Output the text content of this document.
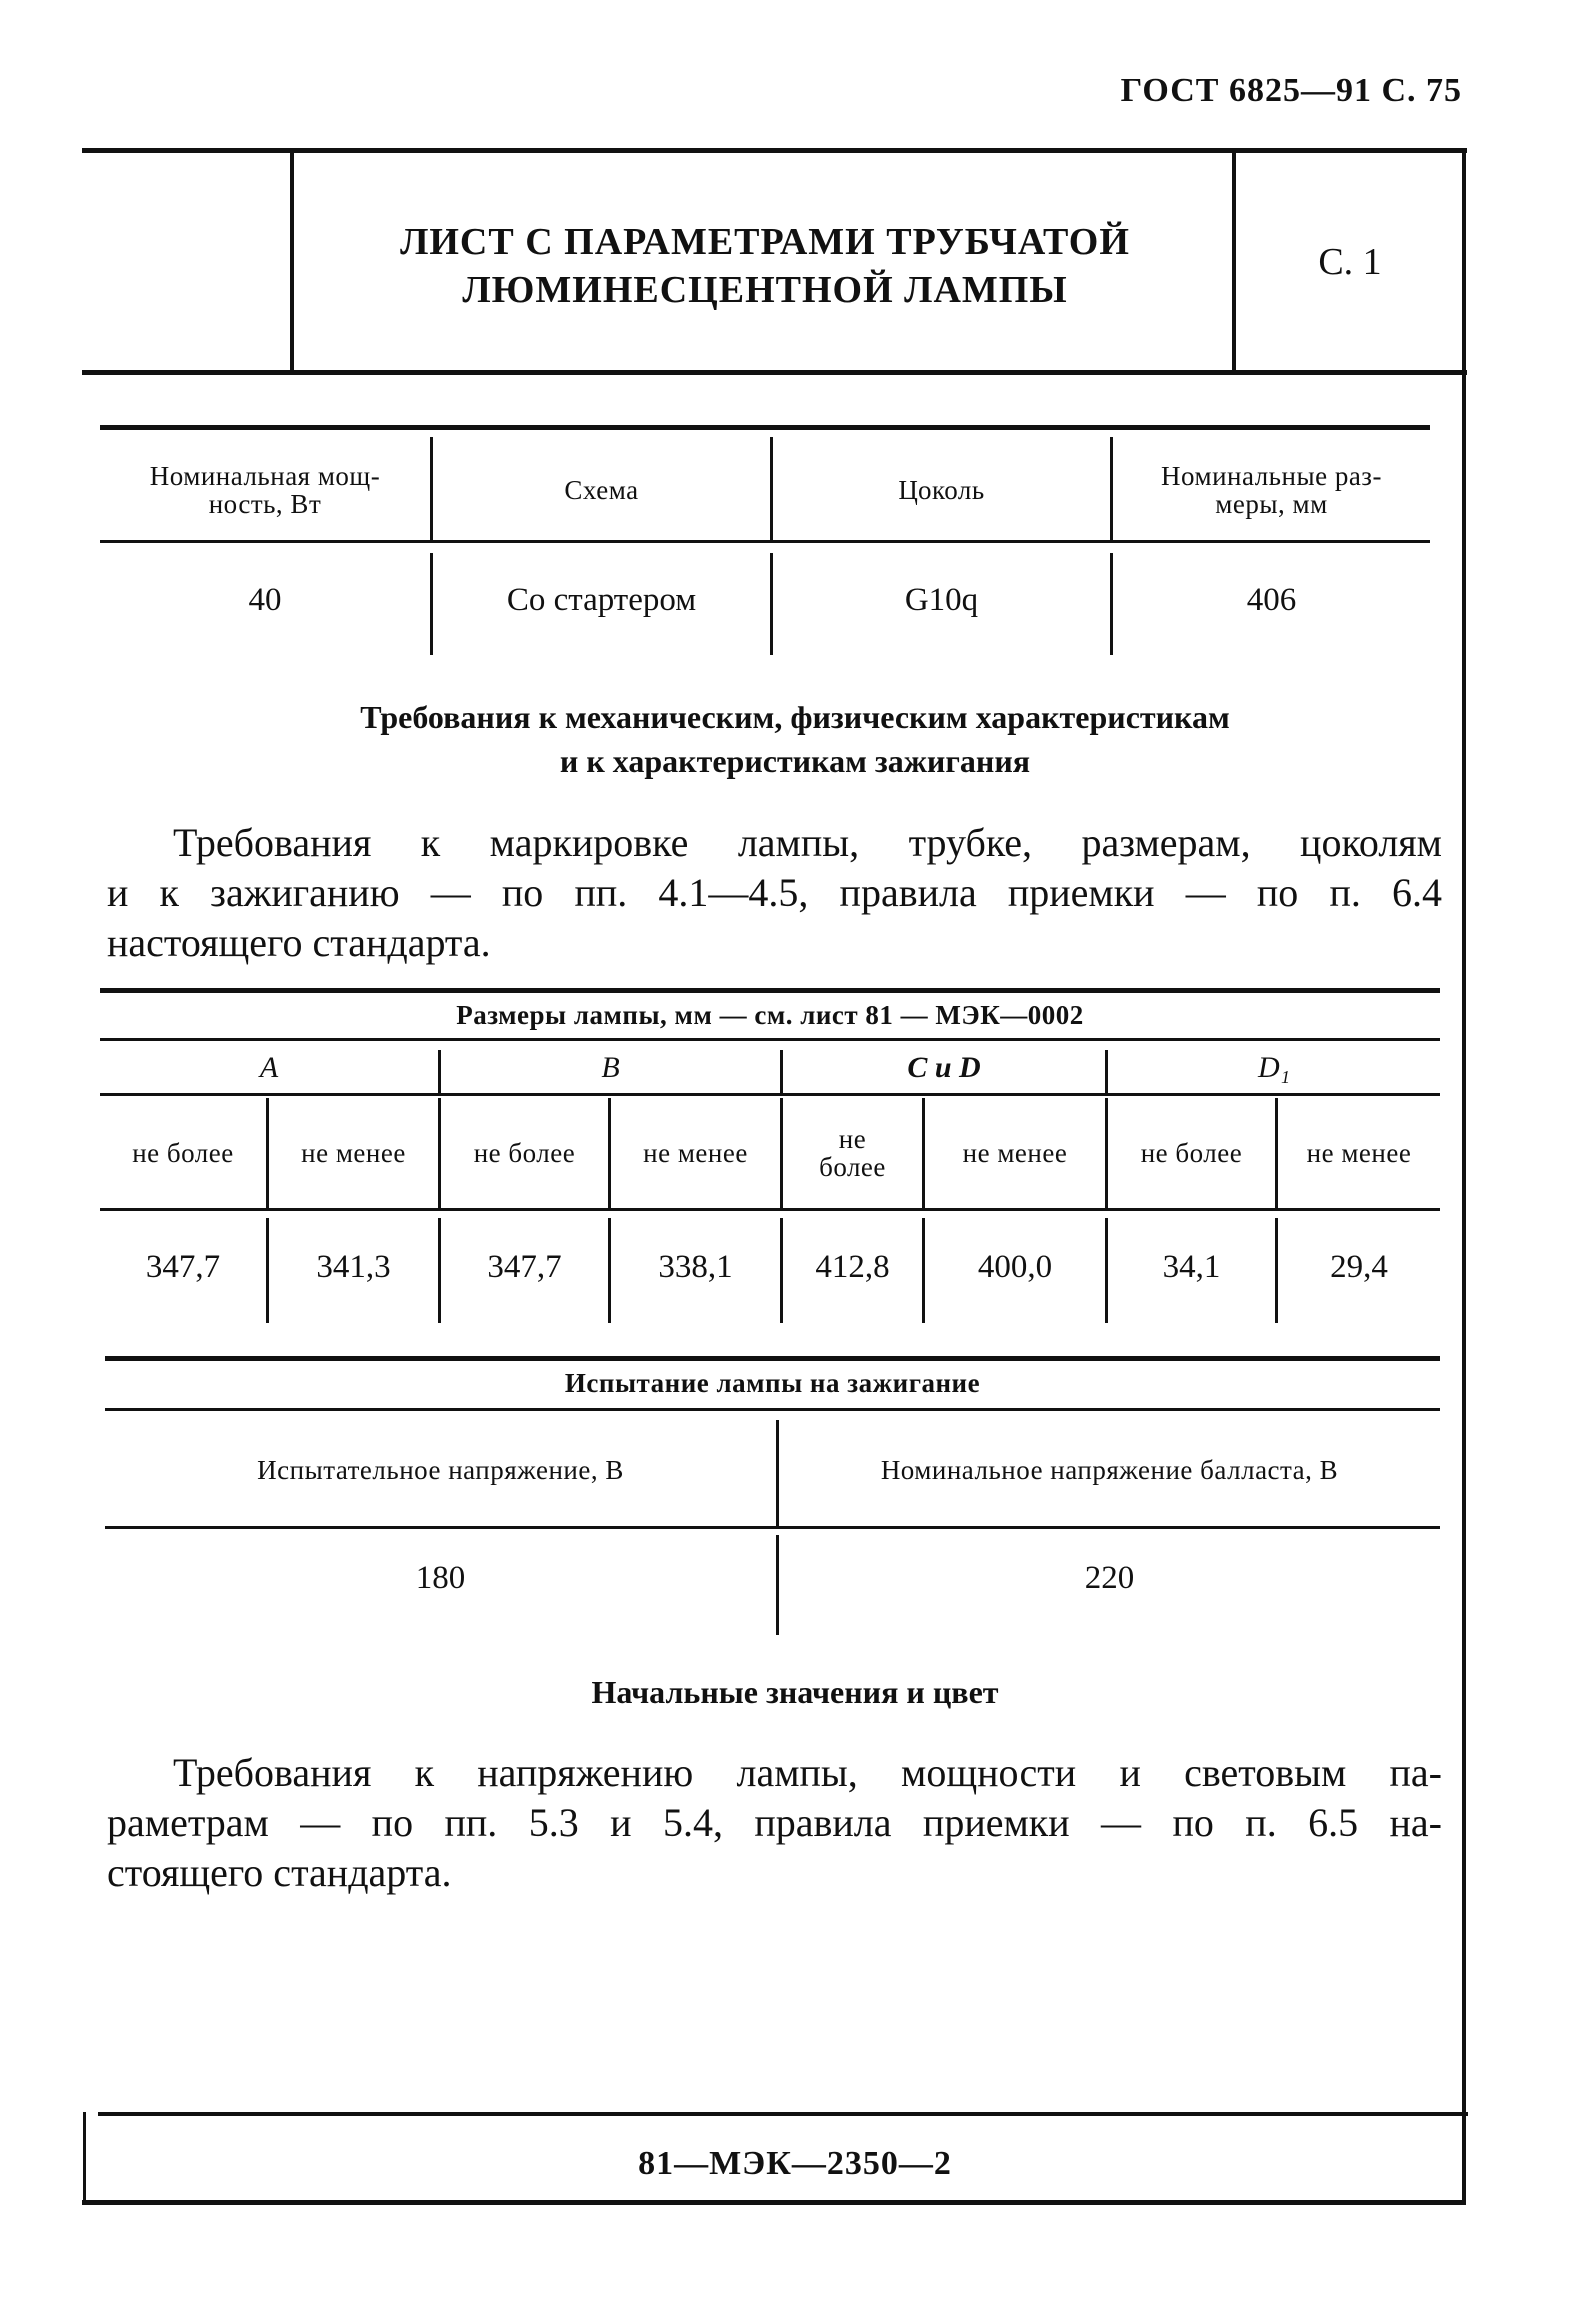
ГОСТ 6825—91 С. 75
ЛИСТ С ПАРАМЕТРАМИ ТРУБЧАТОЙ
ЛЮМИНЕСЦЕНТНОЙ ЛАМПЫ
С. 1
Номинальная мощ-
ность, Вт	Схема	Цоколь	Номинальные раз-
меры, мм
40	Со стартером	G10q	406
Требования к механическим, физическим характеристикам
и к характеристикам зажигания
Требования к маркировке лампы, трубке, размерам, цоколям
и к зажиганию — по пп. 4.1—4.5, правила приемки — по п. 6.4
настоящего стандарта.
Размеры лампы, мм — см. лист 81 — МЭК—0002
A	B	C и D	D₁
не более	не менее	не более	не менее	не
более	не менее	не более	не менее
347,7	341,3	347,7	338,1	412,8	400,0	34,1	29,4
Испытание лампы на зажигание
Испытательное напряжение, В	Номинальное напряжение балласта, В
180	220
Начальные значения и цвет
Требования к напряжению лампы, мощности и световым па-
раметрам — по пп. 5.3 и 5.4, правила приемки — по п. 6.5 на-
стоящего стандарта.
81—МЭК—2350—2
